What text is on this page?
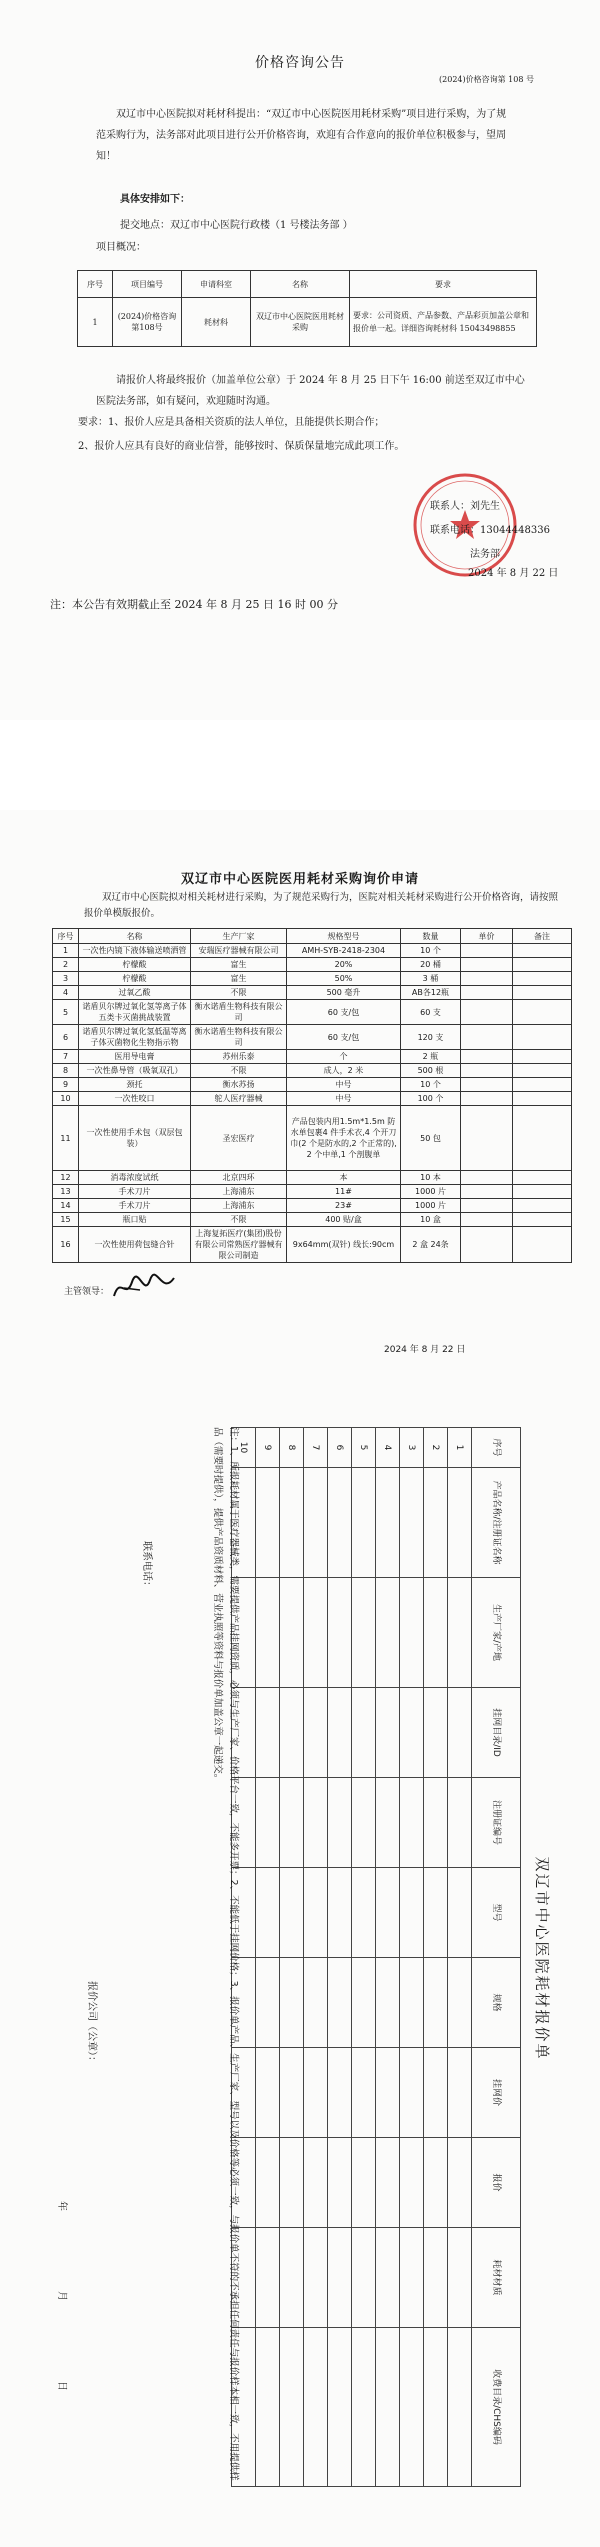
价格咨询公告
(2024)价格咨询第 108 号
双辽市中心医院拟对耗材科提出：“双辽市中心医院医用耗材采购”项目进行采购，为了规范采购行为，法务部对此项目进行公开价格咨询，欢迎有合作意向的报价单位积极参与，望周知！
具体安排如下：
提交地点：双辽市中心医院行政楼（1 号楼法务部 ）
项目概况：
序号	项目编号	申请科室	名称	要求
1	(2024)价格咨询第108号	耗材科	双辽市中心医院医用耗材采购	要求：公司资质、产品参数、产品彩页加盖公章和报价单一起。详细咨询耗材科 15043498855
请报价人将最终报价（加盖单位公章）于 2024 年 8 月 25 日下午 16:00 前送至双辽市中心医院法务部，如有疑问，欢迎随时沟通。
要求：1、报价人应是具备相关资质的法人单位，且能提供长期合作；
2、报价人应具有良好的商业信誉，能够按时、保质保量地完成此项工作。
联系人：刘先生
联系电话：13044448336
法务部
2024 年 8 月 22 日
注：本公告有效期截止至 2024 年 8 月 25 日 16 时 00 分
双辽市中心医院医用耗材采购询价申请
双辽市中心医院拟对相关耗材进行采购，为了规范采购行为，医院对相关耗材采购进行公开价格咨询，请按照报价单模版报价。
序号	名称	生产厂家	规格型号	数量	单价	备注
1	一次性内镜下液体输送喷洒管	安瑞医疗器械有限公司	AMH-SYB-2418-2304	10 个		
2	柠檬酸	富生	20%	20 桶		
3	柠檬酸	富生	50%	3 桶		
4	过氧乙酸	不限	500 毫升	AB各12瓶		
5	诺盾贝尔牌过氧化氢等离子体五类卡灭菌挑战装置	衡水诺盾生物科技有限公司	60 支/包	60 支		
6	诺盾贝尔牌过氧化氢低温等离子体灭菌物化生物指示物	衡水诺盾生物科技有限公司	60 支/包	120 支		
7	医用导电膏	苏州乐泰	个	2 瓶		
8	一次性鼻导管（吸氧双孔）	不限	成人，2 米	500 根		
9	颈托	衡水苏扬	中号	10 个		
10	一次性咬口	鸵人医疗器械	中号	100 个		
11	一次性使用手术包（双层包装）	圣宏医疗	产品包装内用1.5m*1.5m 防水单包裹4 件手术衣,4 个开刀巾(2 个是防水的,2 个正常的),2 个中单,1 个剖腹单	50 包		
12	消毒浓度试纸	北京四环	本	10 本		
13	手术刀片	上海浦东	11#	1000 片		
14	手术刀片	上海浦东	23#	1000 片		
15	瓶口贴	不限	400 贴/盒	10 盒		
16	一次性使用荷包缝合针	上海复拓医疗(集团)股份有限公司常熟医疗器械有限公司制造	9x64mm(双针) 线长:90cm	2 盒 24条		
主管领导：
2024 年 8 月 22 日
双辽市中心医院耗材报价单
序号	产品名称/注册证名称	生产厂家/产地	挂网目录/ID	注册证编号	型号	规格	挂网价	报价	耗材材质	收费目录/CHS编码
1										
2										
3										
4										
5										
6										
7										
8										
9										
10										
注：1、所报耗材属于医疗器械类，需要提供产品挂网资质，必须与生产厂家、价格平台一致，不能多开票；2、不能低于挂网价格；3、报价单产品、生产厂家、型号以及价格等必须一致，与报价单不符的不承担任何责任与报价样本相一致，不用提供样品（需要时提供），提供产品资质材料、营业执照等资料与报价单加盖公章一起递交。
联系电话：
报价公司（公章）：
年
月
日
